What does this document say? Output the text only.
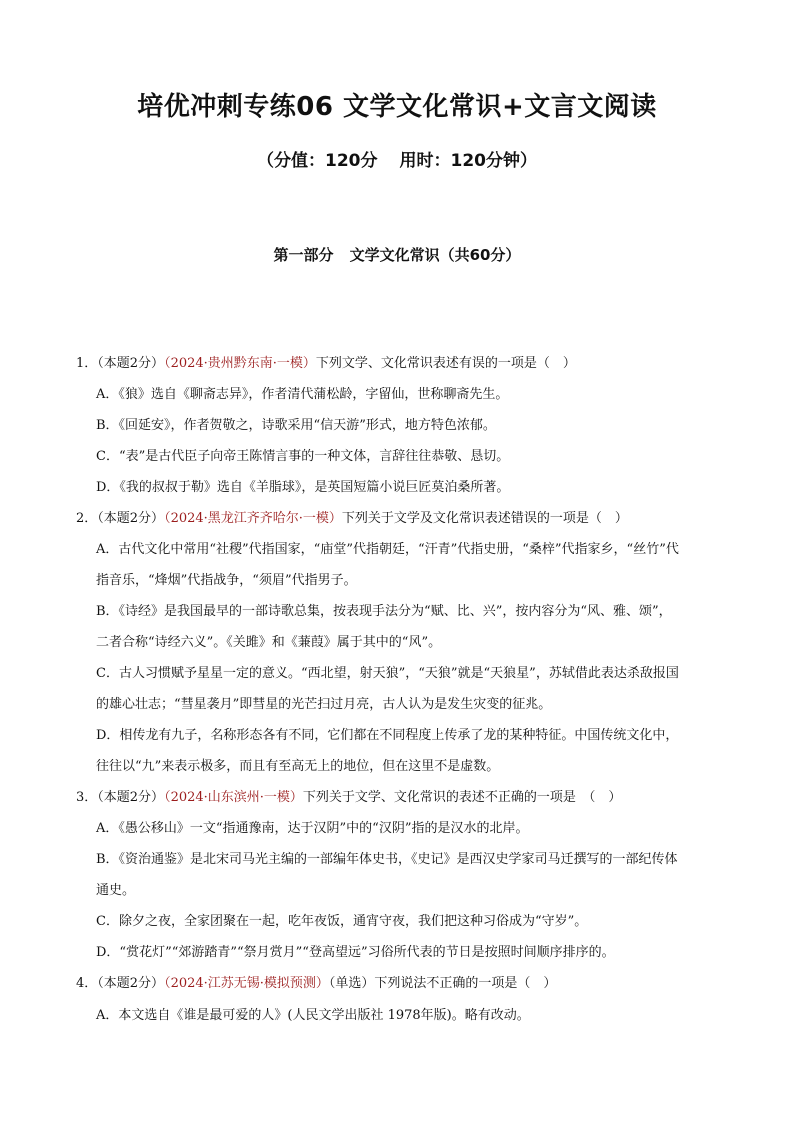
培优冲刺专练06 文学文化常识+文言文阅读
（分值：120分 用时：120分钟）
第一部分 文学文化常识（共60分）
1．（本题2分）（2024·贵州黔东南·一模）下列文学、文化常识表述有误的一项是（　）
A．《狼》选自《聊斋志异》，作者清代蒲松龄，字留仙，世称聊斋先生。
B．《回延安》，作者贺敬之，诗歌采用“信天游”形式，地方特色浓郁。
C．“表”是古代臣子向帝王陈情言事的一种文体，言辞往往恭敬、恳切。
D．《我的叔叔于勒》选自《羊脂球》，是英国短篇小说巨匠莫泊桑所著。
2．（本题2分）（2024·黑龙江齐齐哈尔·一模）下列关于文学及文化常识表述错误的一项是（　）
A．古代文化中常用“社稷”代指国家，“庙堂”代指朝廷，“汗青”代指史册，“桑梓”代指家乡，“丝竹”代
指音乐，“烽烟”代指战争，“须眉”代指男子。
B．《诗经》是我国最早的一部诗歌总集，按表现手法分为“赋、比、兴”，按内容分为“风、雅、颂”，
二者合称“诗经六义”。《关雎》和《蒹葭》属于其中的“风”。
C．古人习惯赋予星星一定的意义。“西北望，射天狼”，“天狼”就是“天狼星”，苏轼借此表达杀敌报国
的雄心壮志；“彗星袭月”即彗星的光芒扫过月亮，古人认为是发生灾变的征兆。
D．相传龙有九子，名称形态各有不同，它们都在不同程度上传承了龙的某种特征。中国传统文化中，
往往以“九”来表示极多，而且有至高无上的地位，但在这里不是虚数。
3．（本题2分）（2024·山东滨州·一模）下列关于文学、文化常识的表述不正确的一项是　（　）
A．《愚公移山》一文“指通豫南，达于汉阴”中的“汉阴”指的是汉水的北岸。
B．《资治通鉴》是北宋司马光主编的一部编年体史书，《史记》是西汉史学家司马迁撰写的一部纪传体
通史。
C．除夕之夜，全家团聚在一起，吃年夜饭，通宵守夜，我们把这种习俗成为“守岁”。
D．“赏花灯”“郊游踏青”“祭月赏月”“登高望远”习俗所代表的节日是按照时间顺序排序的。
4．（本题2分）（2024·江苏无锡·模拟预测）（单选）下列说法不正确的一项是（　）
A．本文选自《谁是最可爱的人》(人民文学出版社 1978年版)。略有改动。
